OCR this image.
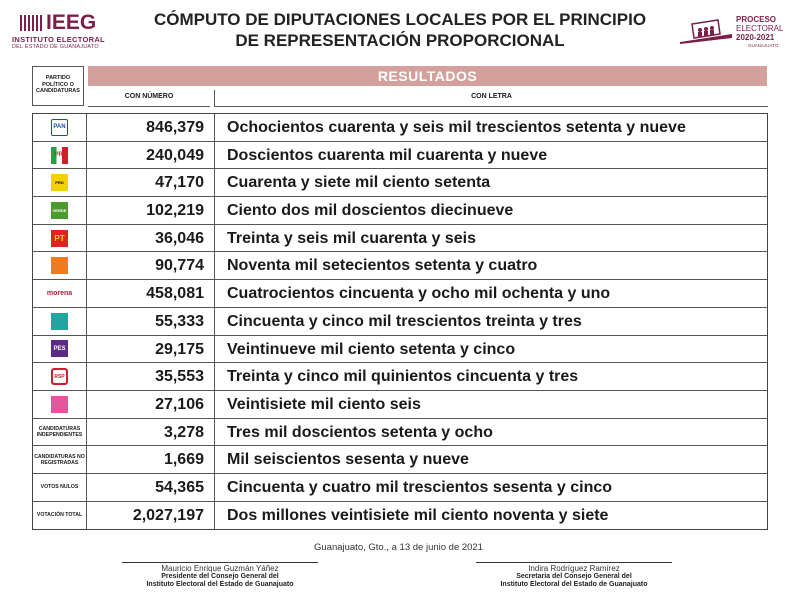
IEEG
INSTITUTO ELECTORAL
DEL ESTADO DE GUANAJUATO
CÓMPUTO DE DIPUTACIONES LOCALES POR EL PRINCIPIO
DE REPRESENTACIÓN PROPORCIONAL
PROCESO
ELECTORAL
2020-2021
GUANAJUATO
PARTIDO POLÍTICO O CANDIDATURAS
RESULTADOS
CON NÚMERO	CON LETRA
PAN	846,379	Ochocientos cuarenta y seis mil trescientos setenta y nueve
PRI	240,049	Doscientos cuarenta mil cuarenta y nueve
PRD	47,170	Cuarenta y siete mil ciento setenta
VERDE	102,219	Ciento dos mil doscientos diecinueve
PT	36,046	Treinta y seis mil cuarenta y seis
90,774	Noventa mil setecientos setenta y cuatro
morena	458,081	Cuatrocientos cincuenta y ocho mil ochenta y uno
55,333	Cincuenta y cinco mil trescientos treinta y tres
PES	29,175	Veintinueve mil ciento setenta y cinco
RSP	35,553	Treinta y cinco mil quinientos cincuenta y tres
27,106	Veintisiete mil ciento seis
CANDIDATURAS INDEPENDIENTES	3,278	Tres mil doscientos setenta y ocho
CANDIDATURAS NO REGISTRADAS	1,669	Mil seiscientos sesenta y nueve
VOTOS NULOS	54,365	Cincuenta y cuatro mil trescientos sesenta y cinco
VOTACIÓN TOTAL	2,027,197	Dos millones veintisiete mil ciento noventa y siete
Guanajuato, Gto., a 13 de junio de 2021
Mauricio Enrique Guzmán Yáñez
Presidente del Consejo General del
Instituto Electoral del Estado de Guanajuato
Indira Rodríguez Ramírez
Secretaria del Consejo General del
Instituto Electoral del Estado de Guanajuato
